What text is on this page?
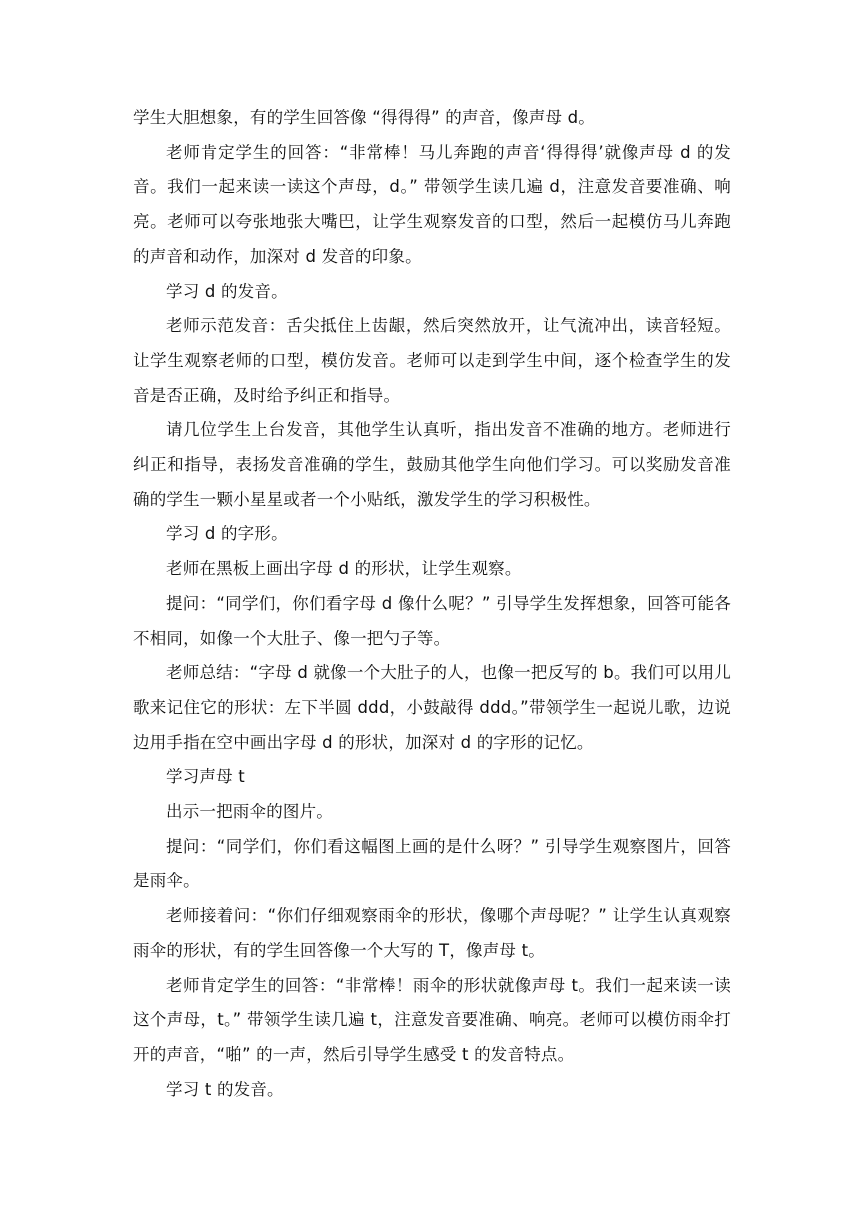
学生大胆想象，有的学生回答像 “得得得” 的声音，像声母 d。

老师肯定学生的回答：“非常棒！马儿奔跑的声音‘得得得’就像声母 d 的发音。我们一起来读一读这个声母，d。” 带领学生读几遍 d，注意发音要准确、响亮。老师可以夸张地张大嘴巴，让学生观察发音的口型，然后一起模仿马儿奔跑的声音和动作，加深对 d 发音的印象。

学习 d 的发音。

老师示范发音：舌尖抵住上齿龈，然后突然放开，让气流冲出，读音轻短。让学生观察老师的口型，模仿发音。老师可以走到学生中间，逐个检查学生的发音是否正确，及时给予纠正和指导。

请几位学生上台发音，其他学生认真听，指出发音不准确的地方。老师进行纠正和指导，表扬发音准确的学生，鼓励其他学生向他们学习。可以奖励发音准确的学生一颗小星星或者一个小贴纸，激发学生的学习积极性。

学习 d 的字形。

老师在黑板上画出字母 d 的形状，让学生观察。

提问：“同学们，你们看字母 d 像什么呢？” 引导学生发挥想象，回答可能各不相同，如像一个大肚子、像一把勺子等。

老师总结：“字母 d 就像一个大肚子的人，也像一把反写的 b。我们可以用儿歌来记住它的形状：左下半圆 ddd，小鼓敲得 ddd。”带领学生一起说儿歌，边说边用手指在空中画出字母 d 的形状，加深对 d 的字形的记忆。

学习声母 t

出示一把雨伞的图片。

提问：“同学们，你们看这幅图上画的是什么呀？” 引导学生观察图片，回答是雨伞。

老师接着问：“你们仔细观察雨伞的形状，像哪个声母呢？” 让学生认真观察雨伞的形状，有的学生回答像一个大写的 T，像声母 t。

老师肯定学生的回答：“非常棒！雨伞的形状就像声母 t。我们一起来读一读这个声母，t。” 带领学生读几遍 t，注意发音要准确、响亮。老师可以模仿雨伞打开的声音，“啪” 的一声，然后引导学生感受 t 的发音特点。

学习 t 的发音。
